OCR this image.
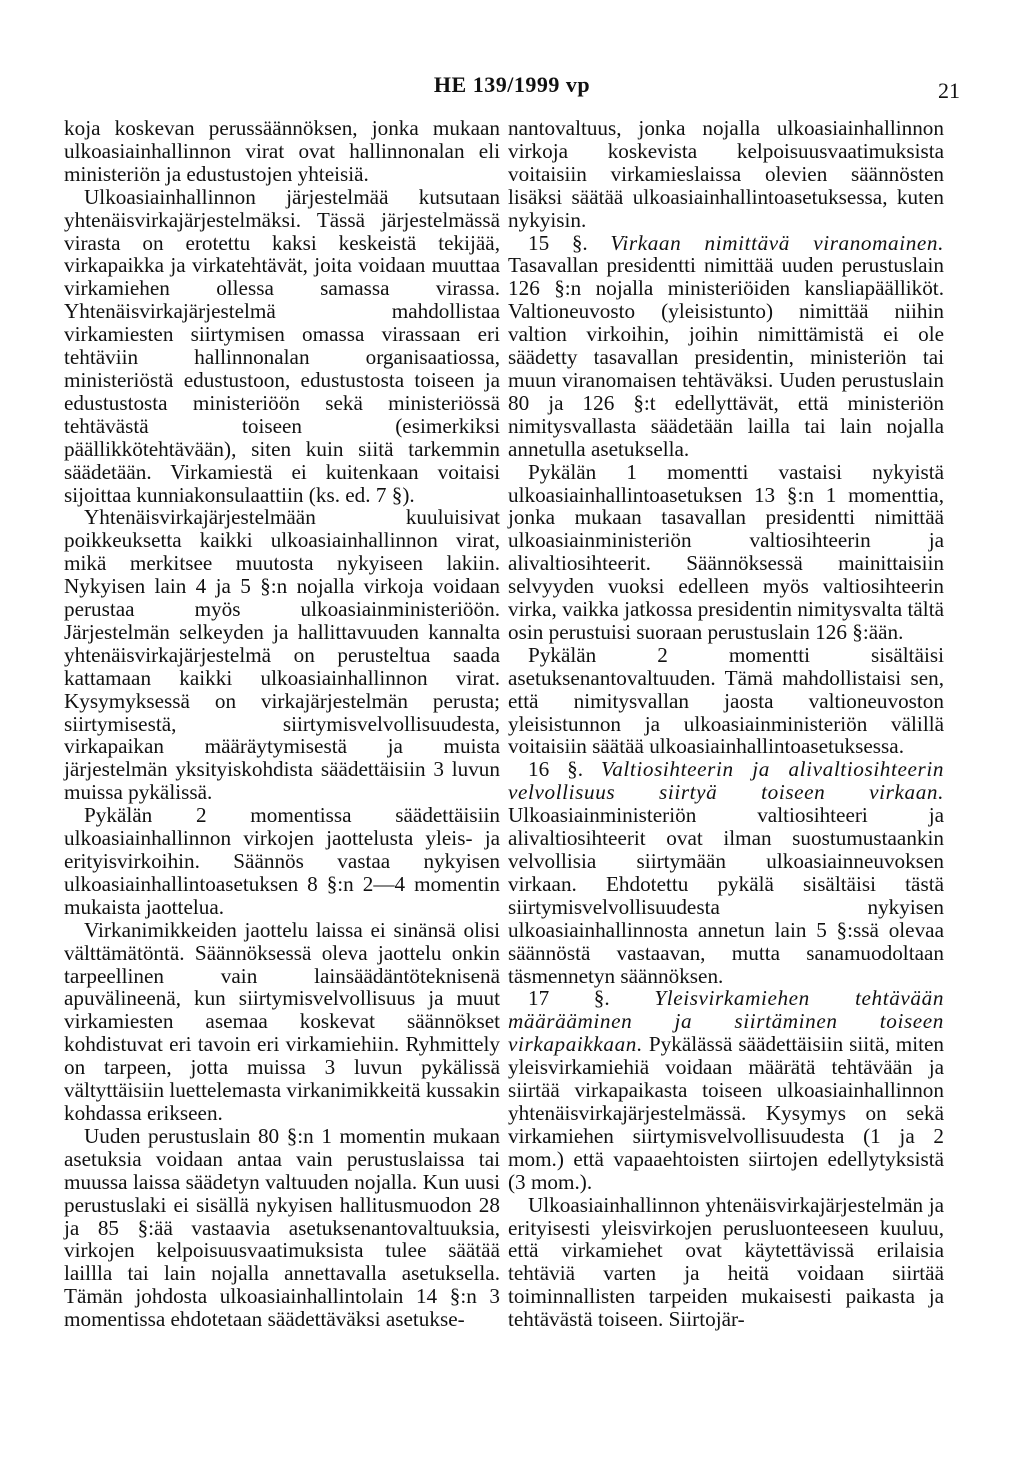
HE 139/1999 vp	21

koja koskevan perussäännöksen, jonka mukaan ulkoasiainhallinnon virat ovat hallinnonalan eli ministeriön ja edustustojen yhteisiä.

Ulkoasiainhallinnon järjestelmää kutsutaan yhtenäisvirkajärjestelmäksi. Tässä järjestelmässä virasta on erotettu kaksi keskeistä tekijää, virkapaikka ja virkatehtävät, joita voidaan muuttaa virkamiehen ollessa samassa virassa. Yhtenäisvirkajärjestelmä mahdollistaa virkamiesten siirtymisen omassa virassaan eri tehtäviin hallinnonalan organisaatiossa, ministeriöstä edustustoon, edustustosta toiseen ja edustustosta ministeriöön sekä ministeriössä tehtävästä toiseen (esimerkiksi päällikkötehtävään), siten kuin siitä tarkemmin säädetään. Virkamiestä ei kuitenkaan voitaisi sijoittaa kunniakonsulaattiin (ks. ed. 7 §).

Yhtenäisvirkajärjestelmään kuuluisivat poikkeuksetta kaikki ulkoasiainhallinnon virat, mikä merkitsee muutosta nykyiseen lakiin. Nykyisen lain 4 ja 5 §:n nojalla virkoja voidaan perustaa myös ulkoasiainministeriöön. Järjestelmän selkeyden ja hallittavuuden kannalta yhtenäisvirkajärjestelmä on perusteltua saada kattamaan kaikki ulkoasiainhallinnon virat. Kysymyksessä on virkajärjestelmän perusta; siirtymisestä, siirtymisvelvollisuudesta, virkapaikan määräytymisestä ja muista järjestelmän yksityiskohdista säädettäisiin 3 luvun muissa pykälissä.

Pykälän 2 momentissa säädettäisiin ulkoasiainhallinnon virkojen jaottelusta yleis- ja erityisvirkoihin. Säännös vastaa nykyisen ulkoasiainhallintoasetuksen 8 §:n 2—4 momentin mukaista jaottelua.

Virkanimikkeiden jaottelu laissa ei sinänsä olisi välttämätöntä. Säännöksessä oleva jaottelu onkin tarpeellinen vain lainsäädäntöteknisenä apuvälineenä, kun siirtymisvelvollisuus ja muut virkamiesten asemaa koskevat säännökset kohdistuvat eri tavoin eri virkamiehiin. Ryhmittely on tarpeen, jotta muissa 3 luvun pykälissä vältyttäisiin luettelemasta virkanimikkeitä kussakin kohdassa erikseen.

Uuden perustuslain 80 §:n 1 momentin mukaan asetuksia voidaan antaa vain perustuslaissa tai muussa laissa säädetyn valtuuden nojalla. Kun uusi perustuslaki ei sisällä nykyisen hallitusmuodon 28 ja 85 §:ää vastaavia asetuksenantovaltuuksia, virkojen kelpoisuusvaatimuksista tulee säätää laillla tai lain nojalla annettavalla asetuksella. Tämän johdosta ulkoasiainhallintolain 14 §:n 3 momentissa ehdotetaan säädettäväksi asetukse-

nantovaltuus, jonka nojalla ulkoasiainhallinnon virkoja koskevista kelpoisuusvaatimuksista voitaisiin virkamieslaissa olevien säännösten lisäksi säätää ulkoasiainhallintoasetuksessa, kuten nykyisin.

15 §. Virkaan nimittävä viranomainen. Tasavallan presidentti nimittää uuden perustuslain 126 §:n nojalla ministeriöiden kansliapäälliköt. Valtioneuvosto (yleisistunto) nimittää niihin valtion virkoihin, joihin nimittämistä ei ole säädetty tasavallan presidentin, ministeriön tai muun viranomaisen tehtäväksi. Uuden perustuslain 80 ja 126 §:t edellyttävät, että ministeriön nimitysvallasta säädetään lailla tai lain nojalla annetulla asetuksella.

Pykälän 1 momentti vastaisi nykyistä ulkoasiainhallintoasetuksen 13 §:n 1 momenttia, jonka mukaan tasavallan presidentti nimittää ulkoasiainministeriön valtiosihteerin ja alivaltiosihteerit. Säännöksessä mainittaisiin selvyyden vuoksi edelleen myös valtiosihteerin virka, vaikka jatkossa presidentin nimitysvalta tältä osin perustuisi suoraan perustuslain 126 §:ään.

Pykälän 2 momentti sisältäisi asetuksenantovaltuuden. Tämä mahdollistaisi sen, että nimitysvallan jaosta valtioneuvoston yleisistunnon ja ulkoasiainministeriön välillä voitaisiin säätää ulkoasiainhallintoasetuksessa.

16 §. Valtiosihteerin ja alivaltiosihteerin velvollisuus siirtyä toiseen virkaan. Ulkoasiainministeriön valtiosihteeri ja alivaltiosihteerit ovat ilman suostumustaankin velvollisia siirtymään ulkoasiainneuvoksen virkaan. Ehdotettu pykälä sisältäisi tästä siirtymisvelvollisuudesta nykyisen ulkoasiainhallinnosta annetun lain 5 §:ssä olevaa säännöstä vastaavan, mutta sanamuodoltaan täsmennetyn säännöksen.

17 §. Yleisvirkamiehen tehtävään määrääminen ja siirtäminen toiseen virkapaikkaan. Pykälässä säädettäisiin siitä, miten yleisvirkamiehiä voidaan määrätä tehtävään ja siirtää virkapaikasta toiseen ulkoasiainhallinnon yhtenäisvirkajärjestelmässä. Kysymys on sekä virkamiehen siirtymisvelvollisuudesta (1 ja 2 mom.) että vapaaehtoisten siirtojen edellytyksistä (3 mom.).

Ulkoasiainhallinnon yhtenäisvirkajärjestelmän ja erityisesti yleisvirkojen perusluonteeseen kuuluu, että virkamiehet ovat käytettävissä erilaisia tehtäviä varten ja heitä voidaan siirtää toiminnallisten tarpeiden mukaisesti paikasta ja tehtävästä toiseen. Siirtojär-
